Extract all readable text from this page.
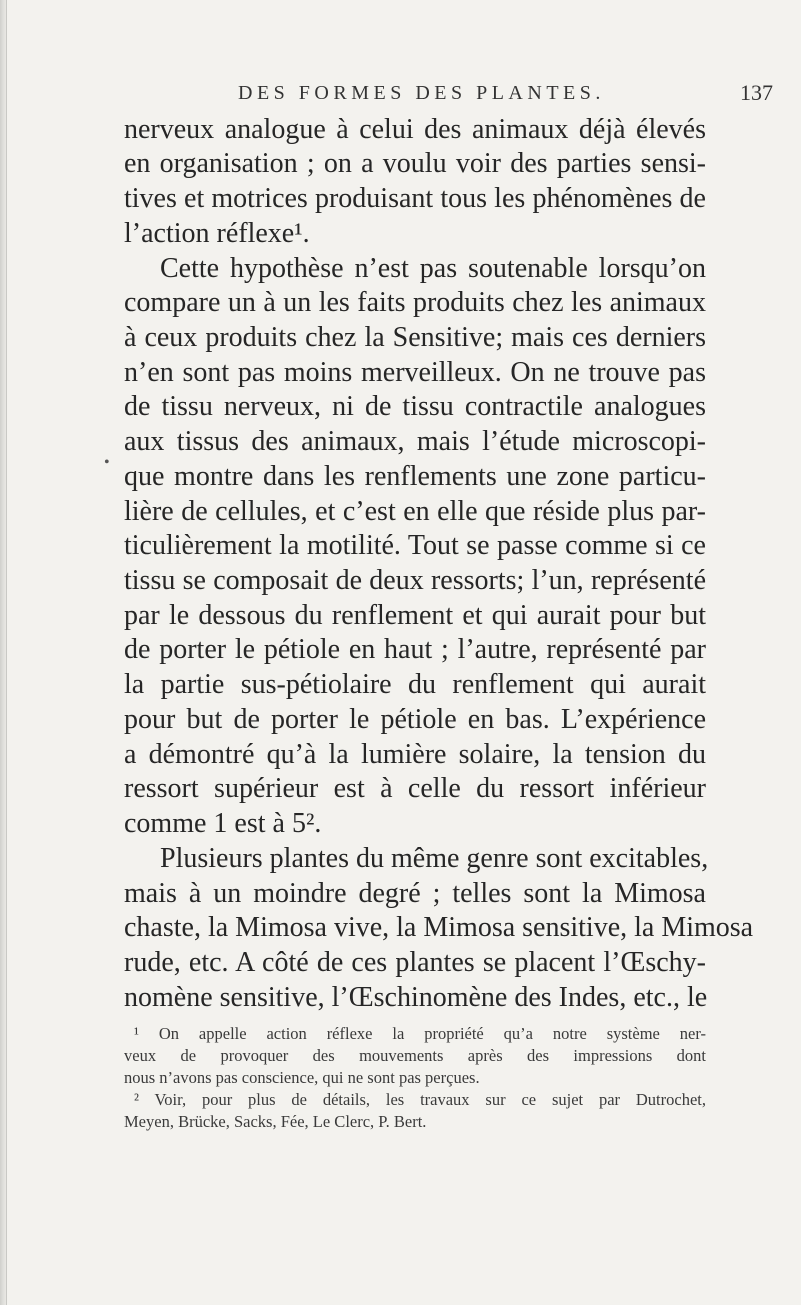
DES FORMES DES PLANTES.	137
•
nerveux analogue à celui des animaux déjà élevés
en organisation ; on a voulu voir des parties sensi-
tives et motrices produisant tous les phénomènes de
l’action réflexe¹.
Cette hypothèse n’est pas soutenable lorsqu’on
compare un à un les faits produits chez les animaux
à ceux produits chez la Sensitive; mais ces derniers
n’en sont pas moins merveilleux. On ne trouve pas
de tissu nerveux, ni de tissu contractile analogues
aux tissus des animaux, mais l’étude microscopi-
que montre dans les renflements une zone particu-
lière de cellules, et c’est en elle que réside plus par-
ticulièrement la motilité. Tout se passe comme si ce
tissu se composait de deux ressorts; l’un, représenté
par le dessous du renflement et qui aurait pour but
de porter le pétiole en haut ; l’autre, représenté par
la partie sus-pétiolaire du renflement qui aurait
pour but de porter le pétiole en bas. L’expérience
a démontré qu’à la lumière solaire, la tension du
ressort supérieur est à celle du ressort inférieur
comme 1 est à 5².
Plusieurs plantes du même genre sont excitables,
mais à un moindre degré ; telles sont la Mimosa
chaste, la Mimosa vive, la Mimosa sensitive, la Mimosa
rude, etc. A côté de ces plantes se placent l’Œschy-
nomène sensitive, l’Œschinomène des Indes, etc., le
¹ On appelle action réflexe la propriété qu’a notre système ner-
veux de provoquer des mouvements après des impressions dont
nous n’avons pas conscience, qui ne sont pas perçues.
² Voir, pour plus de détails, les travaux sur ce sujet par Dutrochet,
Meyen, Brücke, Sacks, Fée, Le Clerc, P. Bert.
